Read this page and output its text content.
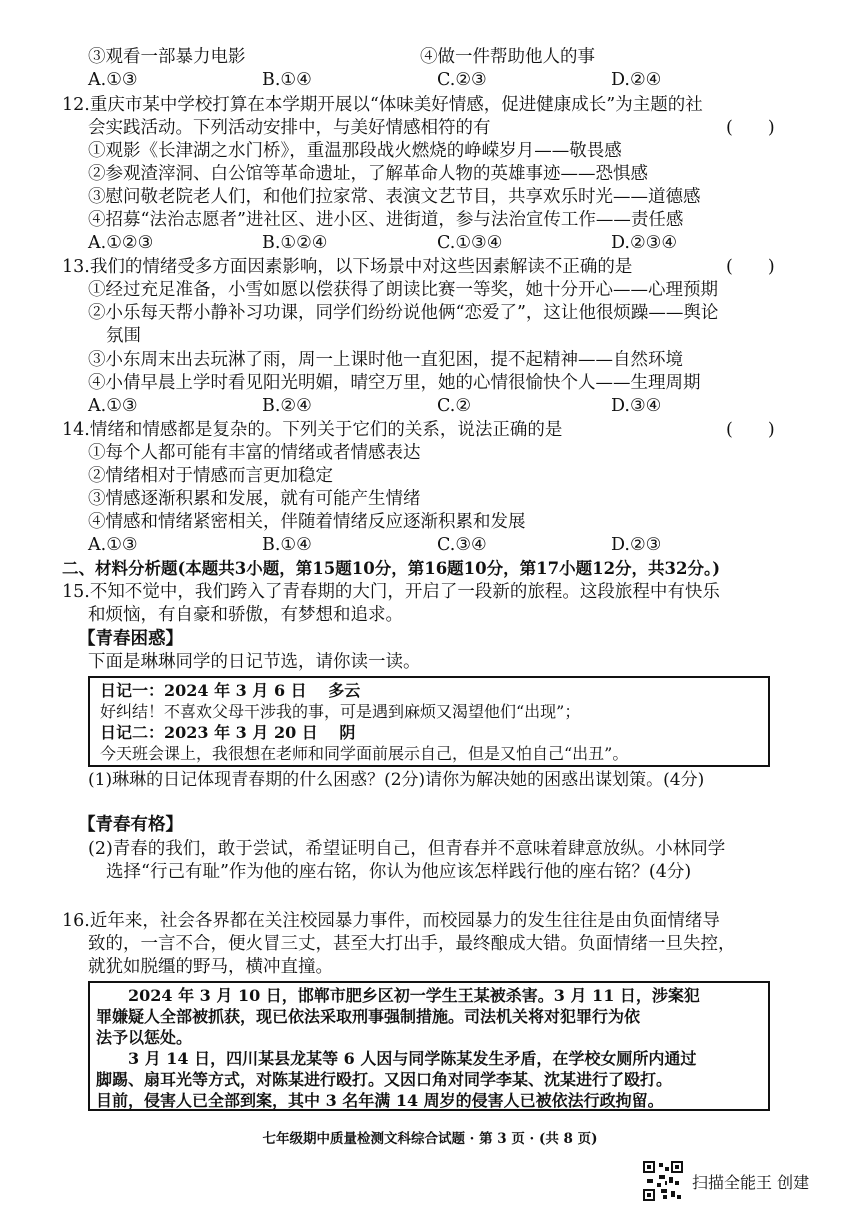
③观看一部暴力电影	④做一件帮助他人的事
A.①③	B.①④	C.②③	D.②④
12.重庆市某中学校打算在本学期开展以“体味美好情感，促进健康成长”为主题的社
会实践活动。下列活动安排中，与美好情感相符的有	(　　)
①观影《长津湖之水门桥》，重温那段战火燃烧的峥嵘岁月——敬畏感
②参观渣滓洞、白公馆等革命遗址，了解革命人物的英雄事迹——恐惧感
③慰问敬老院老人们，和他们拉家常、表演文艺节目，共享欢乐时光——道德感
④招募“法治志愿者”进社区、进小区、进街道，参与法治宣传工作——责任感
A.①②③	B.①②④	C.①③④	D.②③④
13.我们的情绪受多方面因素影响，以下场景中对这些因素解读不正确的是	(　　)
①经过充足准备，小雪如愿以偿获得了朗读比赛一等奖，她十分开心——心理预期
②小乐每天帮小静补习功课，同学们纷纷说他俩“恋爱了”，这让他很烦躁——舆论
氛围
③小东周末出去玩淋了雨，周一上课时他一直犯困，提不起精神——自然环境
④小倩早晨上学时看见阳光明媚，晴空万里，她的心情很愉快个人——生理周期
A.①③	B.②④	C.②	D.③④
14.情绪和情感都是复杂的。下列关于它们的关系，说法正确的是	(　　)
①每个人都可能有丰富的情绪或者情感表达
②情绪相对于情感而言更加稳定
③情感逐渐积累和发展，就有可能产生情绪
④情感和情绪紧密相关，伴随着情绪反应逐渐积累和发展
A.①③	B.①④	C.③④	D.②③
二、材料分析题(本题共3小题，第15题10分，第16题10分，第17小题12分，共32分。)
15.不知不觉中，我们跨入了青春期的大门，开启了一段新的旅程。这段旅程中有快乐
和烦恼，有自豪和骄傲，有梦想和追求。
【青春困惑】
下面是琳琳同学的日记节选，请你读一读。
日记一：2024 年 3 月 6 日　 多云
好纠结！不喜欢父母干涉我的事，可是遇到麻烦又渴望他们“出现”；
日记二：2023 年 3 月 20 日　 阴
今天班会课上，我很想在老师和同学面前展示自己，但是又怕自己“出丑”。
(1)琳琳的日记体现青春期的什么困惑？(2分)请你为解决她的困惑出谋划策。(4分)
【青春有格】
(2)青春的我们，敢于尝试，希望证明自己，但青春并不意味着肆意放纵。小林同学
选择“行己有耻”作为他的座右铭，你认为他应该怎样践行他的座右铭？(4分)
16.近年来，社会各界都在关注校园暴力事件，而校园暴力的发生往往是由负面情绪导
致的，一言不合，便火冒三丈，甚至大打出手，最终酿成大错。负面情绪一旦失控，
就犹如脱缰的野马，横冲直撞。
　　2024 年 3 月 10 日，邯郸市肥乡区初一学生王某被杀害。3 月 11 日，涉案犯
罪嫌疑人全部被抓获，现已依法采取刑事强制措施。司法机关将对犯罪行为依
法予以惩处。
　　3 月 14 日，四川某县龙某等 6 人因与同学陈某发生矛盾，在学校女厕所内通过
脚踢、扇耳光等方式，对陈某进行殴打。又因口角对同学李某、沈某进行了殴打。
目前，侵害人已全部到案，其中 3 名年满 14 周岁的侵害人已被依法行政拘留。
七年级期中质量检测文科综合试题 · 第 3 页 · (共 8 页)
扫描全能王 创建
